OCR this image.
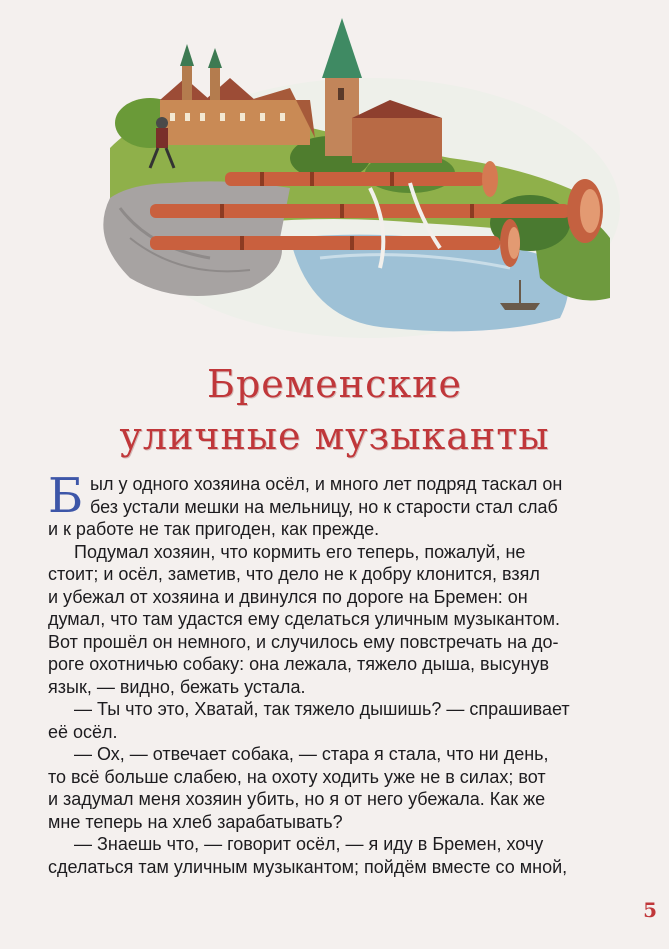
Бременские
уличные музыканты
Б ыл у одного хозяина осёл, и много лет подряд таскал он
без устали мешки на мельницу, но к старости стал слаб
и к работе не так пригоден, как прежде.
Подумал хозяин, что кормить его теперь, пожалуй, не
стоит; и осёл, заметив, что дело не к добру клонится, взял
и убежал от хозяина и двинулся по дороге на Бремен: он
думал, что там удастся ему сделаться уличным музыкантом.
Вот прошёл он немного, и случилось ему повстречать на до-
роге охотничью собаку: она лежала, тяжело дыша, высунув
язык, — видно, бежать устала.
— Ты что это, Хватай, так тяжело дышишь? — спрашивает
её осёл.
— Ох, — отвечает собака, — стара я стала, что ни день,
то всё больше слабею, на охоту ходить уже не в силах; вот
и задумал меня хозяин убить, но я от него убежала. Как же
мне теперь на хлеб зарабатывать?
— Знаешь что, — говорит осёл, — я иду в Бремен, хочу
сделаться там уличным музыкантом; пойдём вместе со мной,
5
